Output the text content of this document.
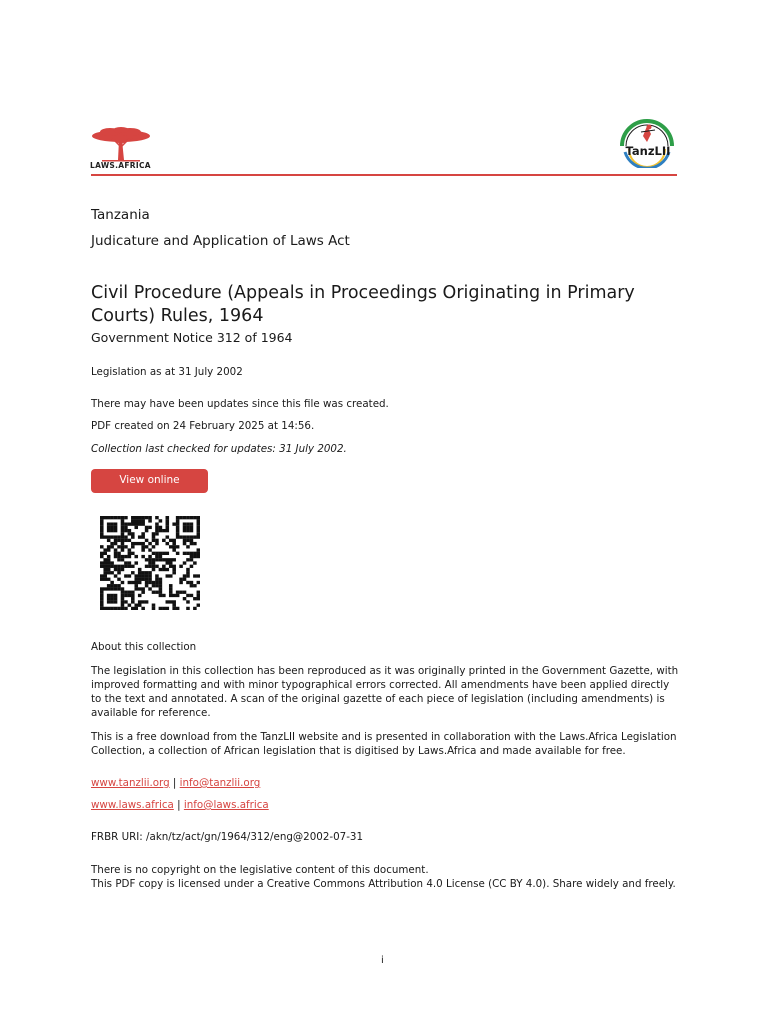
LAWS.AFRICA
TanzLII
Tanzania
Judicature and Application of Laws Act
Civil Procedure (Appeals in Proceedings Originating in Primary Courts) Rules, 1964
Government Notice 312 of 1964
Legislation as at 31 July 2002
There may have been updates since this file was created.
PDF created on 24 February 2025 at 14:56.
Collection last checked for updates: 31 July 2002.
View online
About this collection
The legislation in this collection has been reproduced as it was originally printed in the Government Gazette, with improved formatting and with minor typographical errors corrected. All amendments have been applied directly to the text and annotated. A scan of the original gazette of each piece of legislation (including amendments) is available for reference.
This is a free download from the TanzLII website and is presented in collaboration with the Laws.Africa Legislation Collection, a collection of African legislation that is digitised by Laws.Africa and made available for free.
www.tanzlii.org | info@tanzlii.org
www.laws.africa | info@laws.africa
FRBR URI: /akn/tz/act/gn/1964/312/eng@2002-07-31
There is no copyright on the legislative content of this document.
This PDF copy is licensed under a Creative Commons Attribution 4.0 License (CC BY 4.0). Share widely and freely.
i
